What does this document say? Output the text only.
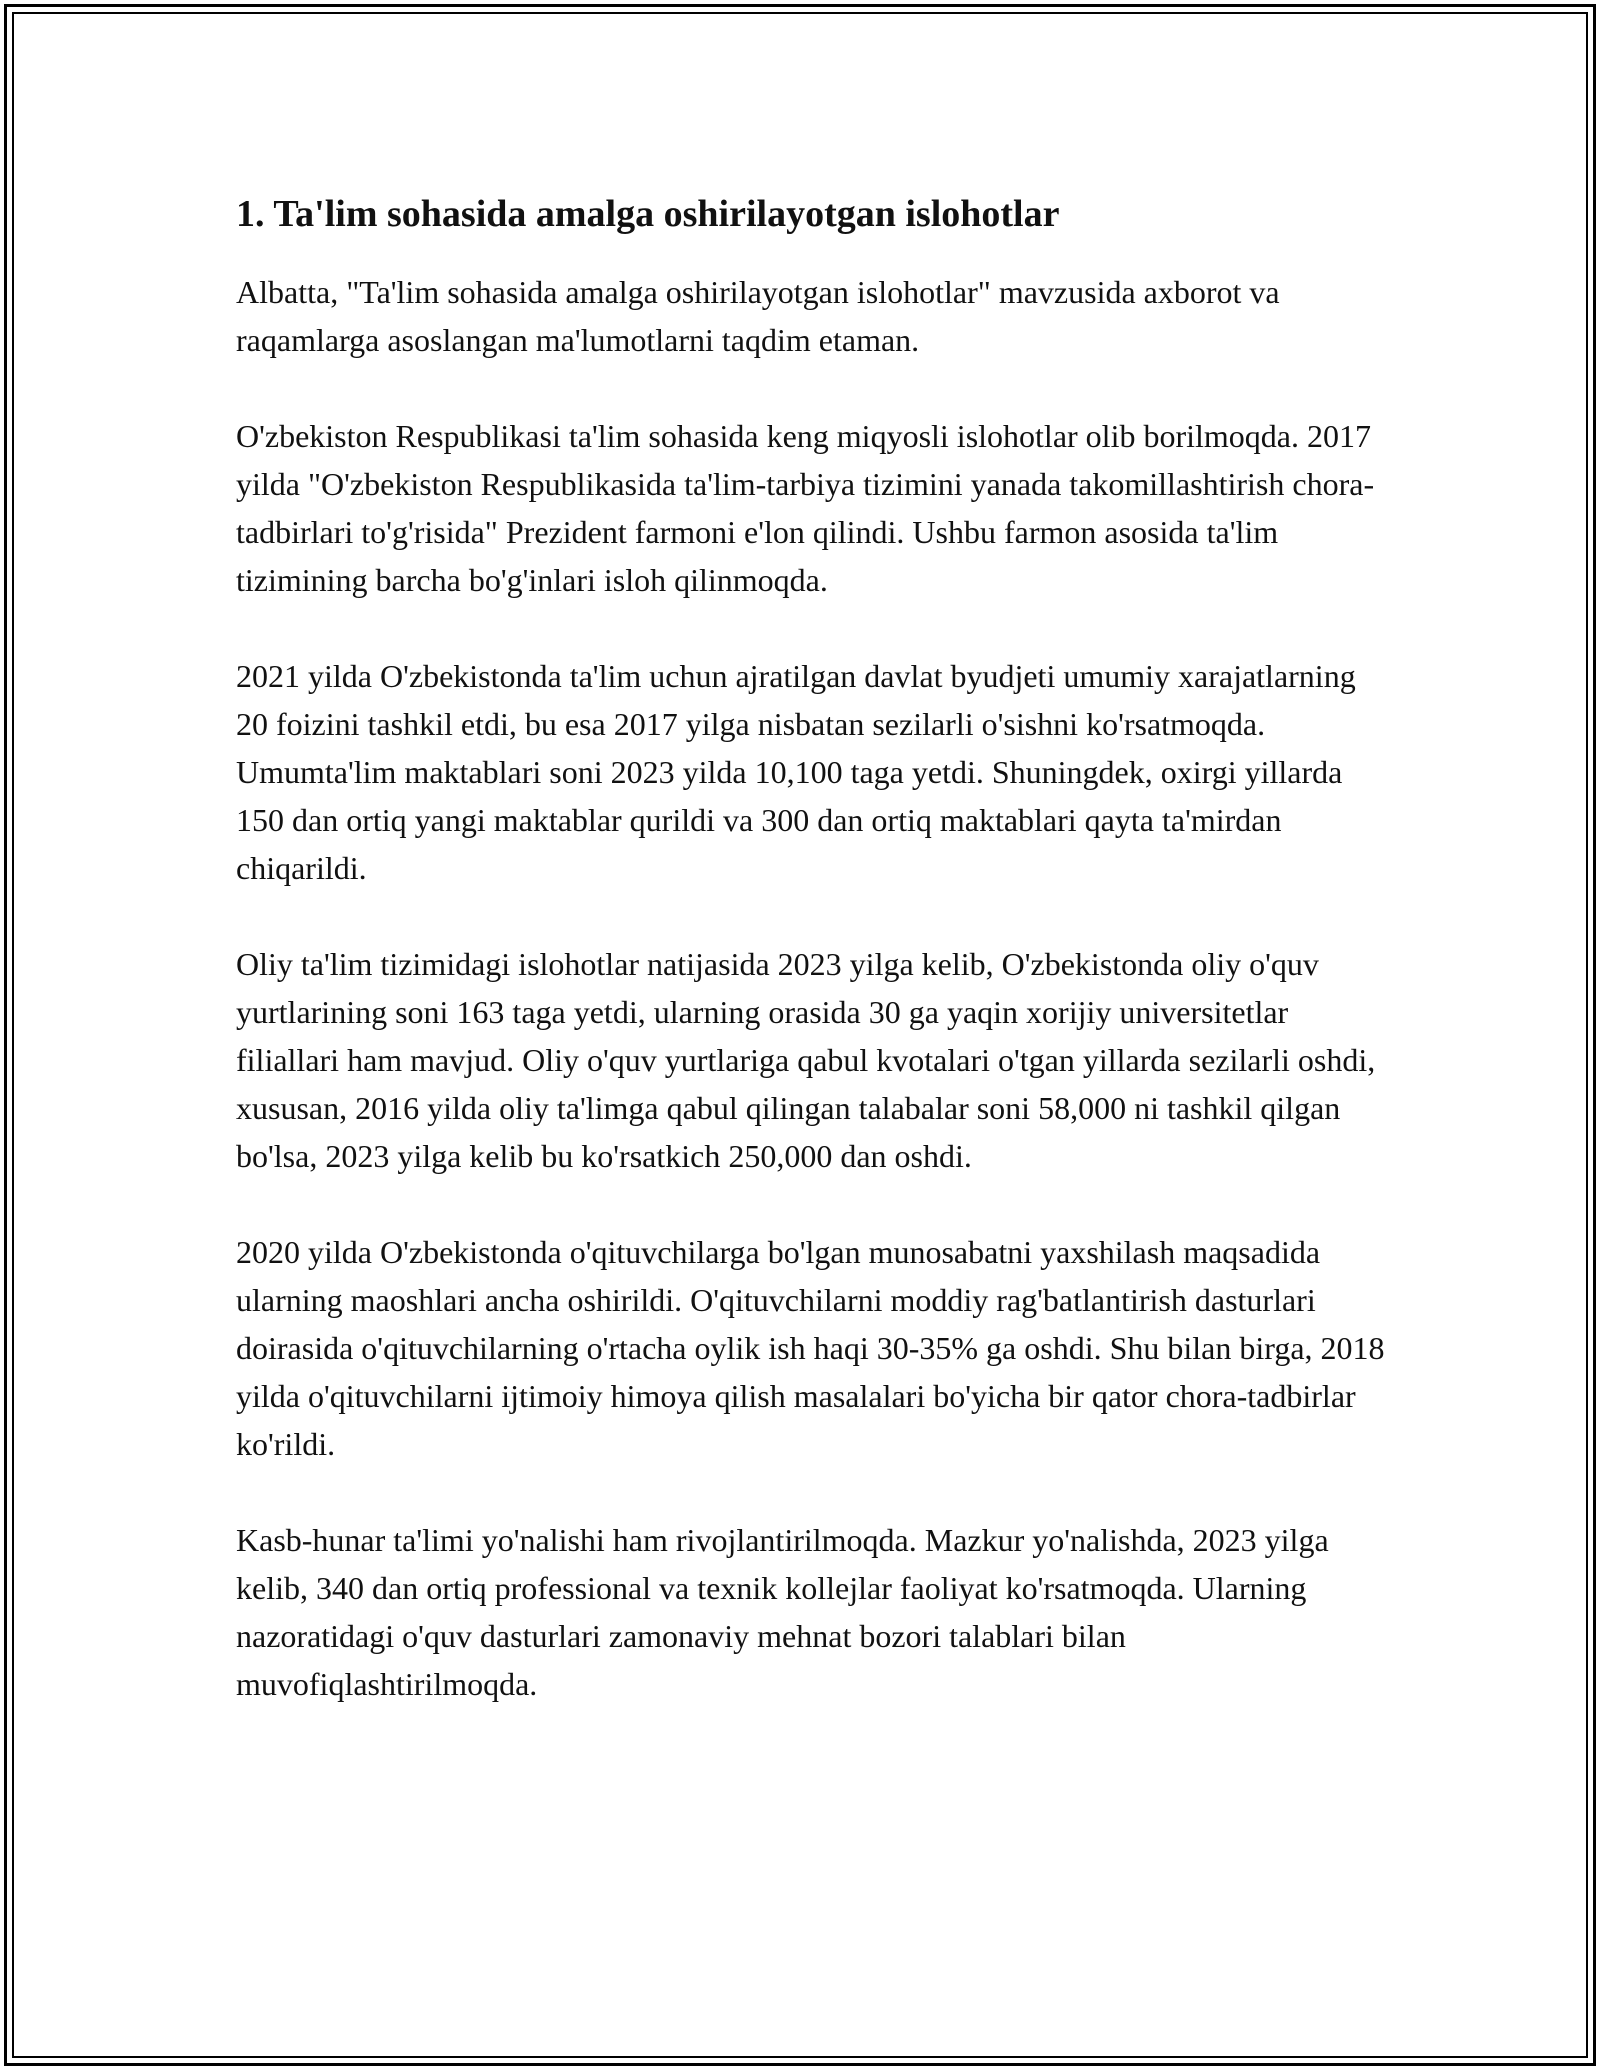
1. Ta'lim sohasida amalga oshirilayotgan islohotlar

Albatta, "Ta'lim sohasida amalga oshirilayotgan islohotlar" mavzusida axborot va raqamlarga asoslangan ma'lumotlarni taqdim etaman.

O'zbekiston Respublikasi ta'lim sohasida keng miqyosli islohotlar olib borilmoqda. 2017 yilda "O'zbekiston Respublikasida ta'lim-tarbiya tizimini yanada takomillashtirish chora-tadbirlari to'g'risida" Prezident farmoni e'lon qilindi. Ushbu farmon asosida ta'lim tizimining barcha bo'g'inlari isloh qilinmoqda.

2021 yilda O'zbekistonda ta'lim uchun ajratilgan davlat byudjeti umumiy xarajatlarning 20 foizini tashkil etdi, bu esa 2017 yilga nisbatan sezilarli o'sishni ko'rsatmoqda. Umumta'lim maktablari soni 2023 yilda 10,100 taga yetdi. Shuningdek, oxirgi yillarda 150 dan ortiq yangi maktablar qurildi va 300 dan ortiq maktablari qayta ta'mirdan chiqarildi.

Oliy ta'lim tizimidagi islohotlar natijasida 2023 yilga kelib, O'zbekistonda oliy o'quv yurtlarining soni 163 taga yetdi, ularning orasida 30 ga yaqin xorijiy universitetlar filiallari ham mavjud. Oliy o'quv yurtlariga qabul kvotalari o'tgan yillarda sezilarli oshdi, xususan, 2016 yilda oliy ta'limga qabul qilingan talabalar soni 58,000 ni tashkil qilgan bo'lsa, 2023 yilga kelib bu ko'rsatkich 250,000 dan oshdi.

2020 yilda O'zbekistonda o'qituvchilarga bo'lgan munosabatni yaxshilash maqsadida ularning maoshlari ancha oshirildi. O'qituvchilarni moddiy rag'batlantirish dasturlari doirasida o'qituvchilarning o'rtacha oylik ish haqi 30-35% ga oshdi. Shu bilan birga, 2018 yilda o'qituvchilarni ijtimoiy himoya qilish masalalari bo'yicha bir qator chora-tadbirlar ko'rildi.

Kasb-hunar ta'limi yo'nalishi ham rivojlantirilmoqda. Mazkur yo'nalishda, 2023 yilga kelib, 340 dan ortiq professional va texnik kollejlar faoliyat ko'rsatmoqda. Ularning nazoratidagi o'quv dasturlari zamonaviy mehnat bozori talablari bilan muvofiqlashtirilmoqda.
